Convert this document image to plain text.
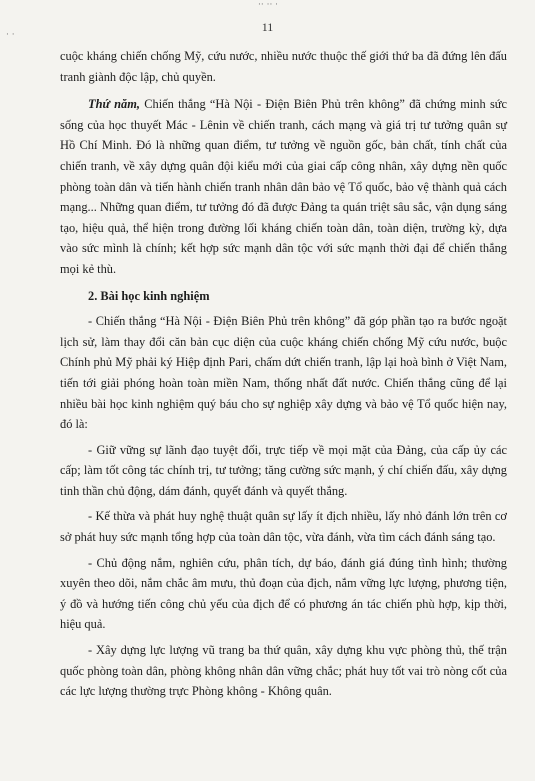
·· ·· ·
· ·
11

cuộc kháng chiến chống Mỹ, cứu nước, nhiều nước thuộc thế giới thứ ba đã đứng lên đấu tranh giành độc lập, chủ quyền.

Thứ năm, Chiến thắng “Hà Nội - Điện Biên Phủ trên không” đã chứng minh sức sống của học thuyết Mác - Lênin về chiến tranh, cách mạng và giá trị tư tưởng quân sự Hồ Chí Minh. Đó là những quan điểm, tư tưởng về nguồn gốc, bản chất, tính chất của chiến tranh, về xây dựng quân đội kiểu mới của giai cấp công nhân, xây dựng nền quốc phòng toàn dân và tiến hành chiến tranh nhân dân bảo vệ Tổ quốc, bảo vệ thành quả cách mạng... Những quan điểm, tư tưởng đó đã được Đảng ta quán triệt sâu sắc, vận dụng sáng tạo, hiệu quả, thể hiện trong đường lối kháng chiến toàn dân, toàn diện, trường kỳ, dựa vào sức mình là chính; kết hợp sức mạnh dân tộc với sức mạnh thời đại để chiến thắng mọi kẻ thù.

2. Bài học kinh nghiệm

- Chiến thắng “Hà Nội - Điện Biên Phủ trên không” đã góp phần tạo ra bước ngoặt lịch sử, làm thay đổi căn bản cục diện của cuộc kháng chiến chống Mỹ cứu nước, buộc Chính phủ Mỹ phải ký Hiệp định Pari, chấm dứt chiến tranh, lập lại hoà bình ở Việt Nam, tiến tới giải phóng hoàn toàn miền Nam, thống nhất đất nước. Chiến thắng cũng để lại nhiều bài học kinh nghiệm quý báu cho sự nghiệp xây dựng và bảo vệ Tổ quốc hiện nay, đó là:

- Giữ vững sự lãnh đạo tuyệt đối, trực tiếp về mọi mặt của Đảng, của cấp ủy các cấp; làm tốt công tác chính trị, tư tưởng; tăng cường sức mạnh, ý chí chiến đấu, xây dựng tinh thần chủ động, dám đánh, quyết đánh và quyết thắng.

- Kế thừa và phát huy nghệ thuật quân sự lấy ít địch nhiều, lấy nhỏ đánh lớn trên cơ sở phát huy sức mạnh tổng hợp của toàn dân tộc, vừa đánh, vừa tìm cách đánh sáng tạo.

- Chủ động nắm, nghiên cứu, phân tích, dự báo, đánh giá đúng tình hình; thường xuyên theo dõi, nắm chắc âm mưu, thủ đoạn của địch, nắm vững lực lượng, phương tiện, ý đồ và hướng tiến công chủ yếu của địch để có phương án tác chiến phù hợp, kịp thời, hiệu quả.

- Xây dựng lực lượng vũ trang ba thứ quân, xây dựng khu vực phòng thủ, thế trận quốc phòng toàn dân, phòng không nhân dân vững chắc; phát huy tốt vai trò nòng cốt của các lực lượng thường trực Phòng không - Không quân.
